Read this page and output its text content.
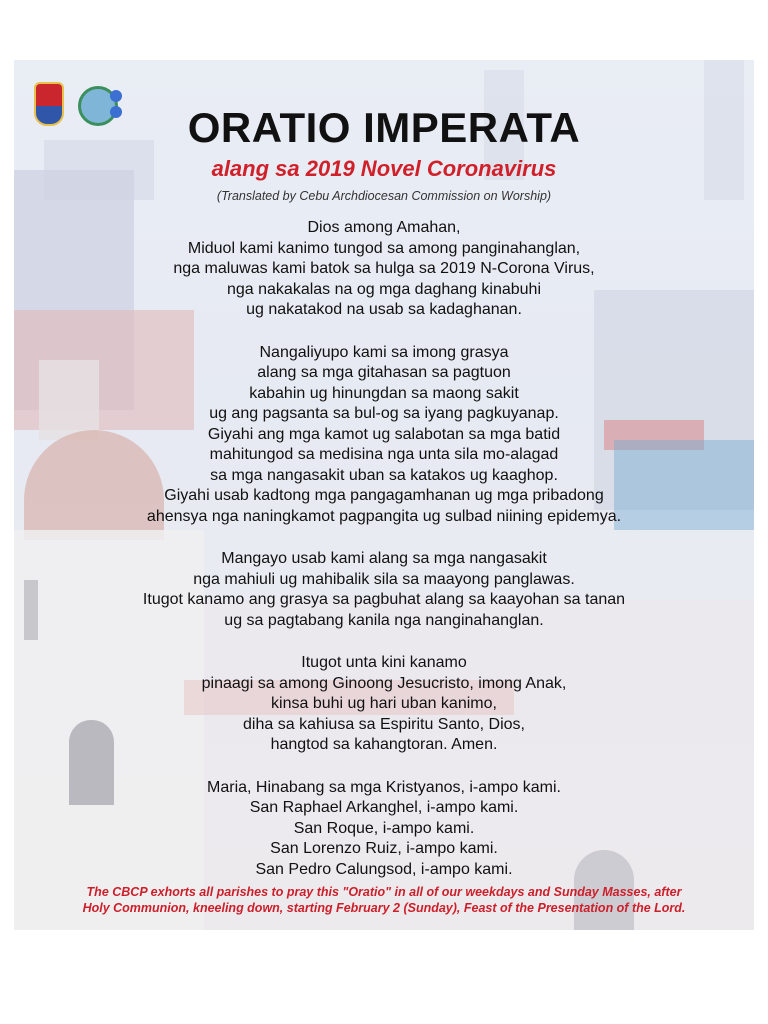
ORATIO IMPERATA
alang sa 2019 Novel Coronavirus
(Translated by Cebu Archdiocesan Commission on Worship)

Dios among Amahan,
Miduol kami kanimo tungod sa among panginahanglan,
nga maluwas kami batok sa hulga sa 2019 N-Corona Virus,
nga nakakalas na og mga daghang kinabuhi
ug nakatakod na usab sa kadaghanan.

Nangaliyupo kami sa imong grasya
alang sa mga gitahasan sa pagtuon
kabahin ug hinungdan sa maong sakit
ug ang pagsanta sa bul-og sa iyang pagkuyanap.
Giyahi ang mga kamot ug salabotan sa mga batid
mahitungod sa medisina nga unta sila mo-alagad
sa mga nangasakit uban sa katakos ug kaaghop.
Giyahi usab kadtong mga pangagamhanan ug mga pribadong
ahensya nga naningkamot pagpangita ug sulbad niining epidemya.

Mangayo usab kami alang sa mga nangasakit
nga mahiuli ug mahibalik sila sa maayong panglawas.
Itugot kanamo ang grasya sa pagbuhat alang sa kaayohan sa tanan
ug sa pagtabang kanila nga nanginahanglan.

Itugot unta kini kanamo
pinaagi sa among Ginoong Jesucristo, imong Anak,
kinsa buhi ug hari uban kanimo,
diha sa kahiusa sa Espiritu Santo, Dios,
hangtod sa kahangtoran. Amen.

Maria, Hinabang sa mga Kristyanos, i-ampo kami.
San Raphael Arkanghel, i-ampo kami.
San Roque, i-ampo kami.
San Lorenzo Ruiz, i-ampo kami.
San Pedro Calungsod, i-ampo kami.

The CBCP exhorts all parishes to pray this "Oratio" in all of our weekdays and Sunday Masses, after
Holy Communion, kneeling down, starting February 2 (Sunday), Feast of the Presentation of the Lord.
